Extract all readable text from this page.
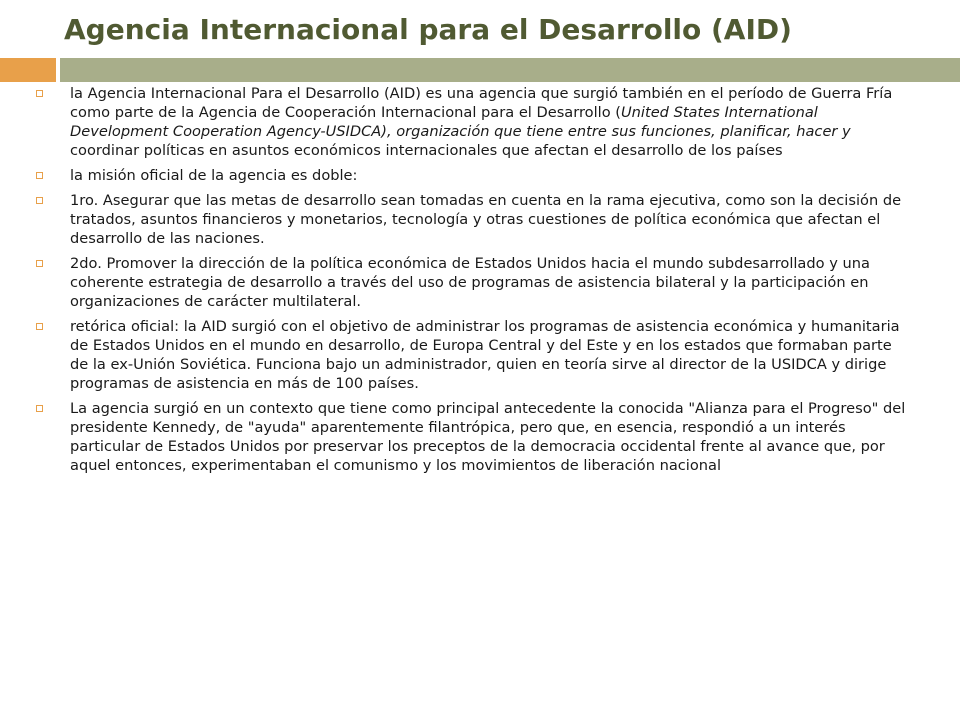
Agencia Internacional para el Desarrollo (AID)
la Agencia Internacional Para el Desarrollo (AID) es una agencia que surgió también en el período de Guerra Fría como parte de la Agencia de Cooperación Internacional para el Desarrollo (United States International Development Cooperation Agency-USIDCA), organización que tiene entre sus funciones, planificar, hacer y coordinar políticas en asuntos económicos internacionales que afectan el desarrollo de los países
la misión oficial de la agencia es doble:
1ro. Asegurar que las metas de desarrollo sean tomadas en cuenta en la rama ejecutiva, como son la decisión de tratados, asuntos financieros y monetarios, tecnología y otras cuestiones de política económica que afectan el desarrollo de las naciones.
2do. Promover la dirección de la política económica de Estados Unidos hacia el mundo subdesarrollado y una coherente estrategia de desarrollo a través del uso de programas de asistencia bilateral y la participación en organizaciones de carácter multilateral.
retórica oficial: la AID surgió con el objetivo de administrar los programas de asistencia económica y humanitaria de Estados Unidos en el mundo en desarrollo, de Europa Central y del Este y en los estados que formaban parte de la ex-Unión Soviética. Funciona bajo un administrador, quien en teoría sirve al director de la USIDCA y dirige programas de asistencia en más de 100 países.
La agencia surgió en un contexto que tiene como principal antecedente la conocida "Alianza para el Progreso" del presidente Kennedy, de "ayuda" aparentemente filantrópica, pero que, en esencia, respondió a un interés particular de Estados Unidos por preservar los preceptos de la democracia occidental frente al avance que, por aquel entonces, experimentaban el comunismo y los movimientos de liberación nacional
